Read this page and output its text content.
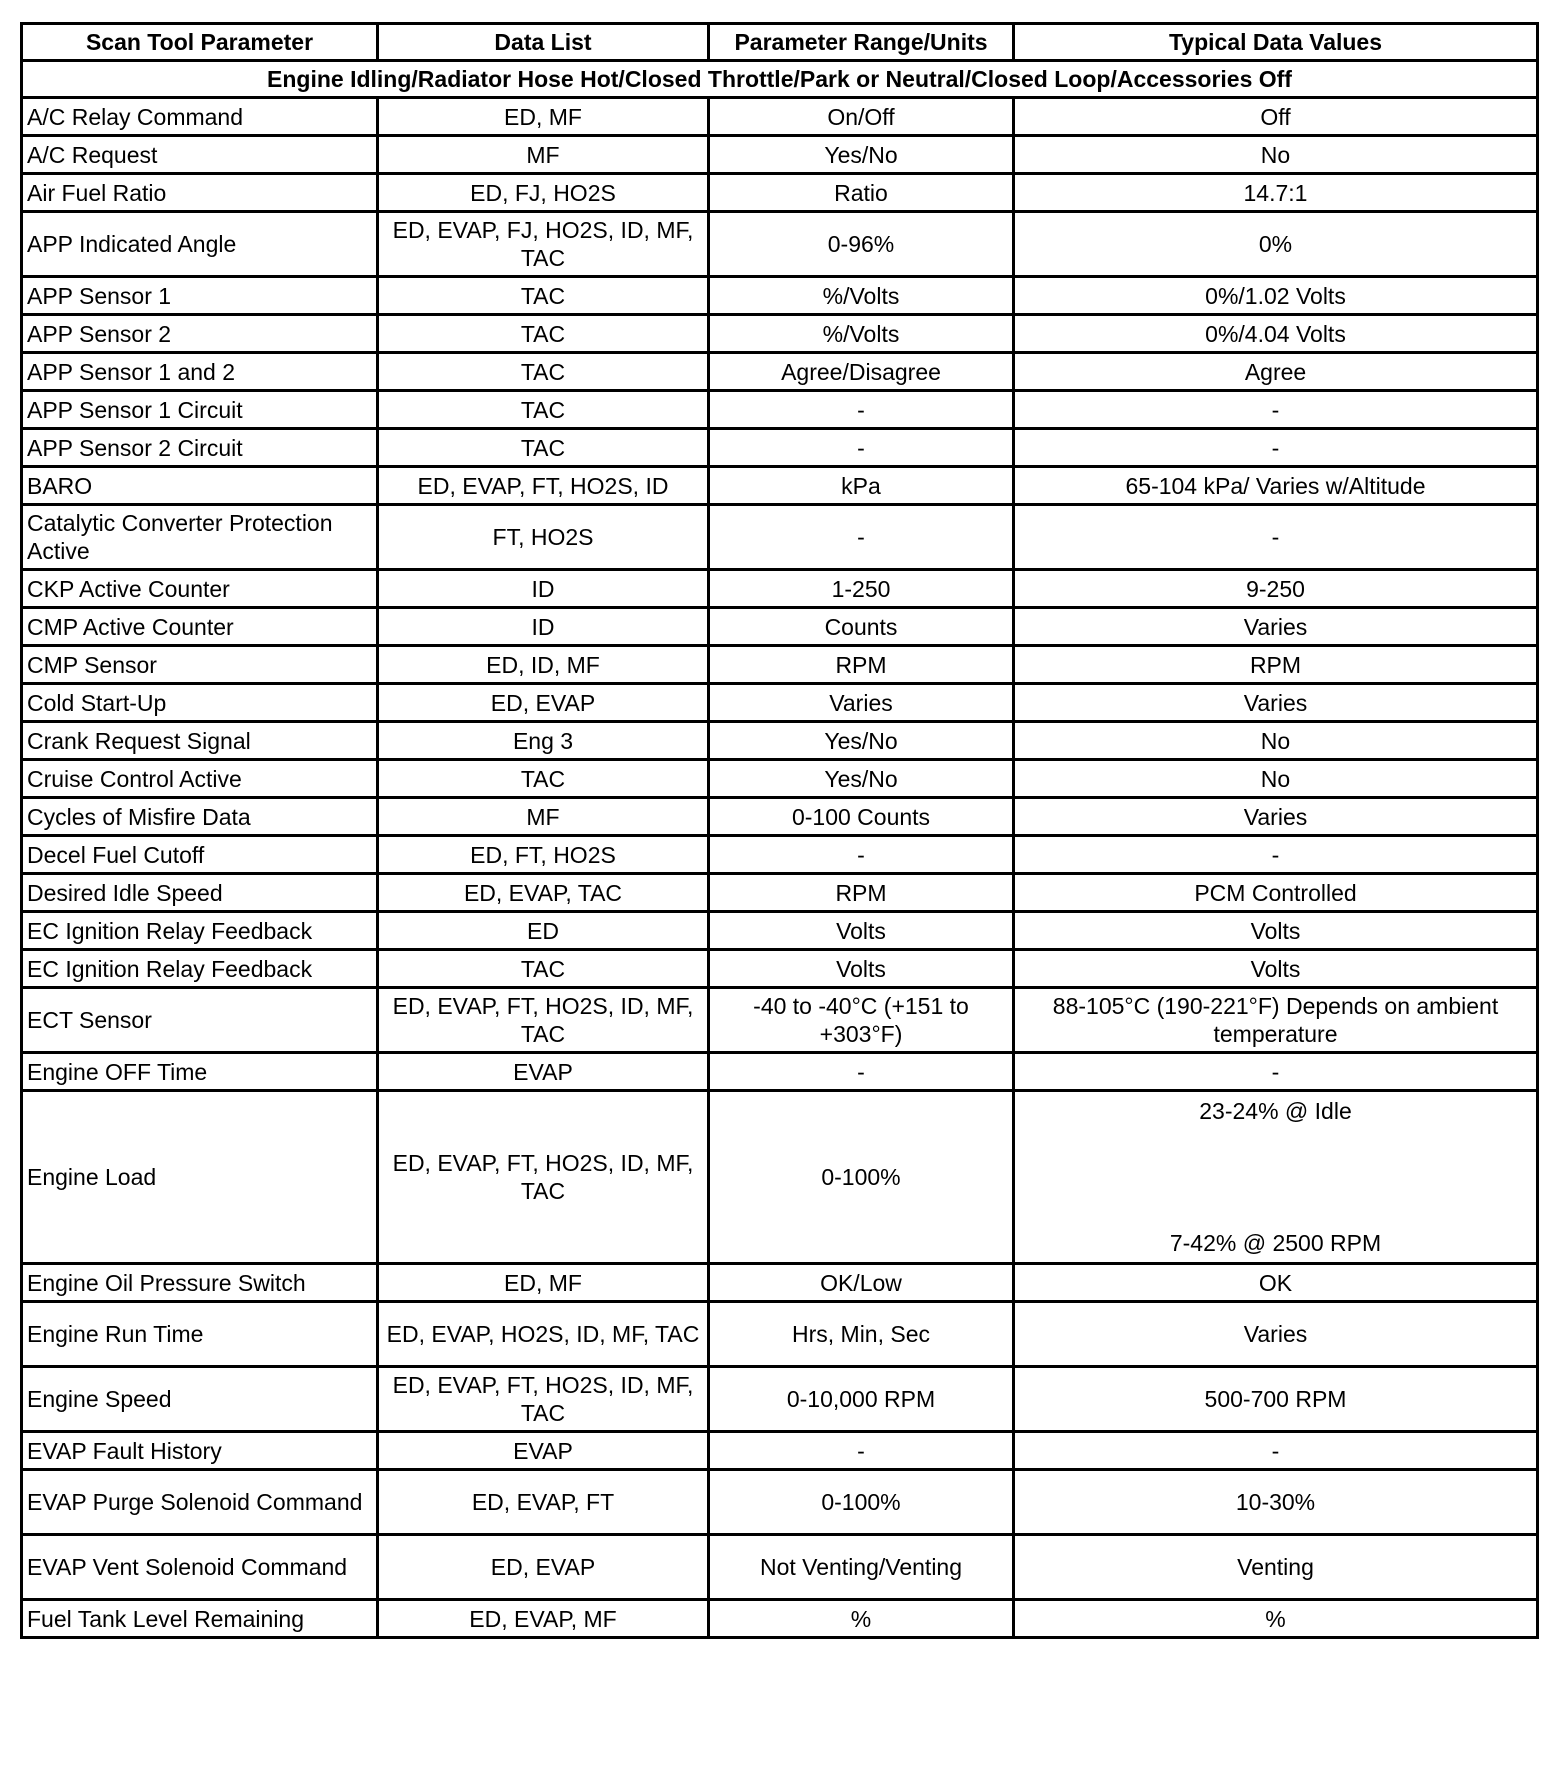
Scan Tool Parameter	Data List	Parameter Range/Units	Typical Data Values
Engine Idling/Radiator Hose Hot/Closed Throttle/Park or Neutral/Closed Loop/Accessories Off			
A/C Relay Command	ED, MF	On/Off	Off
A/C Request	MF	Yes/No	No
Air Fuel Ratio	ED, FJ, HO2S	Ratio	14.7:1
APP Indicated Angle	ED, EVAP, FJ, HO2S, ID, MF, TAC	0-96%	0%
APP Sensor 1	TAC	%/Volts	0%/1.02 Volts
APP Sensor 2	TAC	%/Volts	0%/4.04 Volts
APP Sensor 1 and 2	TAC	Agree/Disagree	Agree
APP Sensor 1 Circuit	TAC	-	-
APP Sensor 2 Circuit	TAC	-	-
BARO	ED, EVAP, FT, HO2S, ID	kPa	65-104 kPa/ Varies w/Altitude
Catalytic Converter Protection Active	FT, HO2S	-	-
CKP Active Counter	ID	1-250	9-250
CMP Active Counter	ID	Counts	Varies
CMP Sensor	ED, ID, MF	RPM	RPM
Cold Start-Up	ED, EVAP	Varies	Varies
Crank Request Signal	Eng 3	Yes/No	No
Cruise Control Active	TAC	Yes/No	No
Cycles of Misfire Data	MF	0-100 Counts	Varies
Decel Fuel Cutoff	ED, FT, HO2S	-	-
Desired Idle Speed	ED, EVAP, TAC	RPM	PCM Controlled
EC Ignition Relay Feedback	ED	Volts	Volts
EC Ignition Relay Feedback	TAC	Volts	Volts
ECT Sensor	ED, EVAP, FT, HO2S, ID, MF, TAC	-40 to -40°C (+151 to +303°F)	88-105°C (190-221°F) Depends on ambient temperature
Engine OFF Time	EVAP	-	-
Engine Load	ED, EVAP, FT, HO2S, ID, MF, TAC	0-100%	23-24% @ Idle
7-42% @ 2500 RPM

Engine Oil Pressure Switch	ED, MF	OK/Low	OK
Engine Run Time	ED, EVAP, HO2S, ID, MF, TAC	Hrs, Min, Sec	Varies
Engine Speed	ED, EVAP, FT, HO2S, ID, MF, TAC	0-10,000 RPM	500-700 RPM
EVAP Fault History	EVAP	-	-
EVAP Purge Solenoid Command	ED, EVAP, FT	0-100%	10-30%
EVAP Vent Solenoid Command	ED, EVAP	Not Venting/Venting	Venting
Fuel Tank Level Remaining	ED, EVAP, MF	%	%
